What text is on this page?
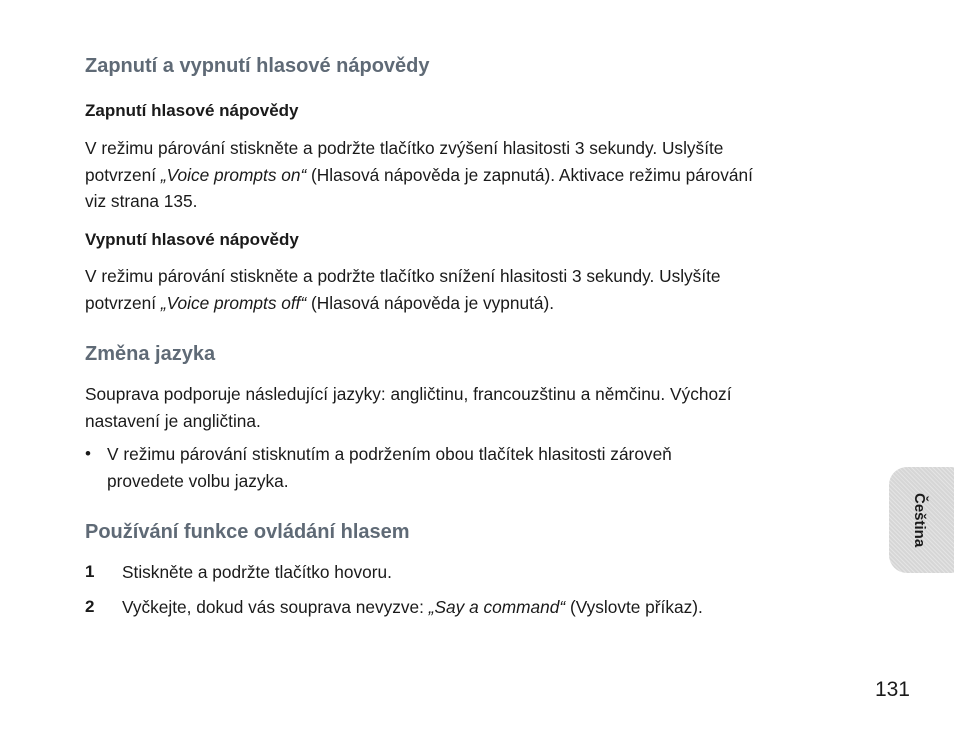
Zapnutí a vypnutí hlasové nápovědy
Zapnutí hlasové nápovědy
V režimu párování stiskněte a podržte tlačítko zvýšení hlasitosti 3 sekundy. Uslyšíte
potvrzení „Voice prompts on“ (Hlasová nápověda je zapnutá). Aktivace režimu párování
viz strana 135.
Vypnutí hlasové nápovědy
V režimu párování stiskněte a podržte tlačítko snížení hlasitosti 3 sekundy. Uslyšíte
potvrzení „Voice prompts off“ (Hlasová nápověda je vypnutá).
Změna jazyka
Souprava podporuje následující jazyky: angličtinu, francouzštinu a němčinu. Výchozí
nastavení je angličtina.
• V režimu párování stisknutím a podržením obou tlačítek hlasitosti zároveň
provedete volbu jazyka.
Používání funkce ovládání hlasem
1 Stiskněte a podržte tlačítko hovoru.
2 Vyčkejte, dokud vás souprava nevyzve: „Say a command“ (Vyslovte příkaz).
Čeština
131
